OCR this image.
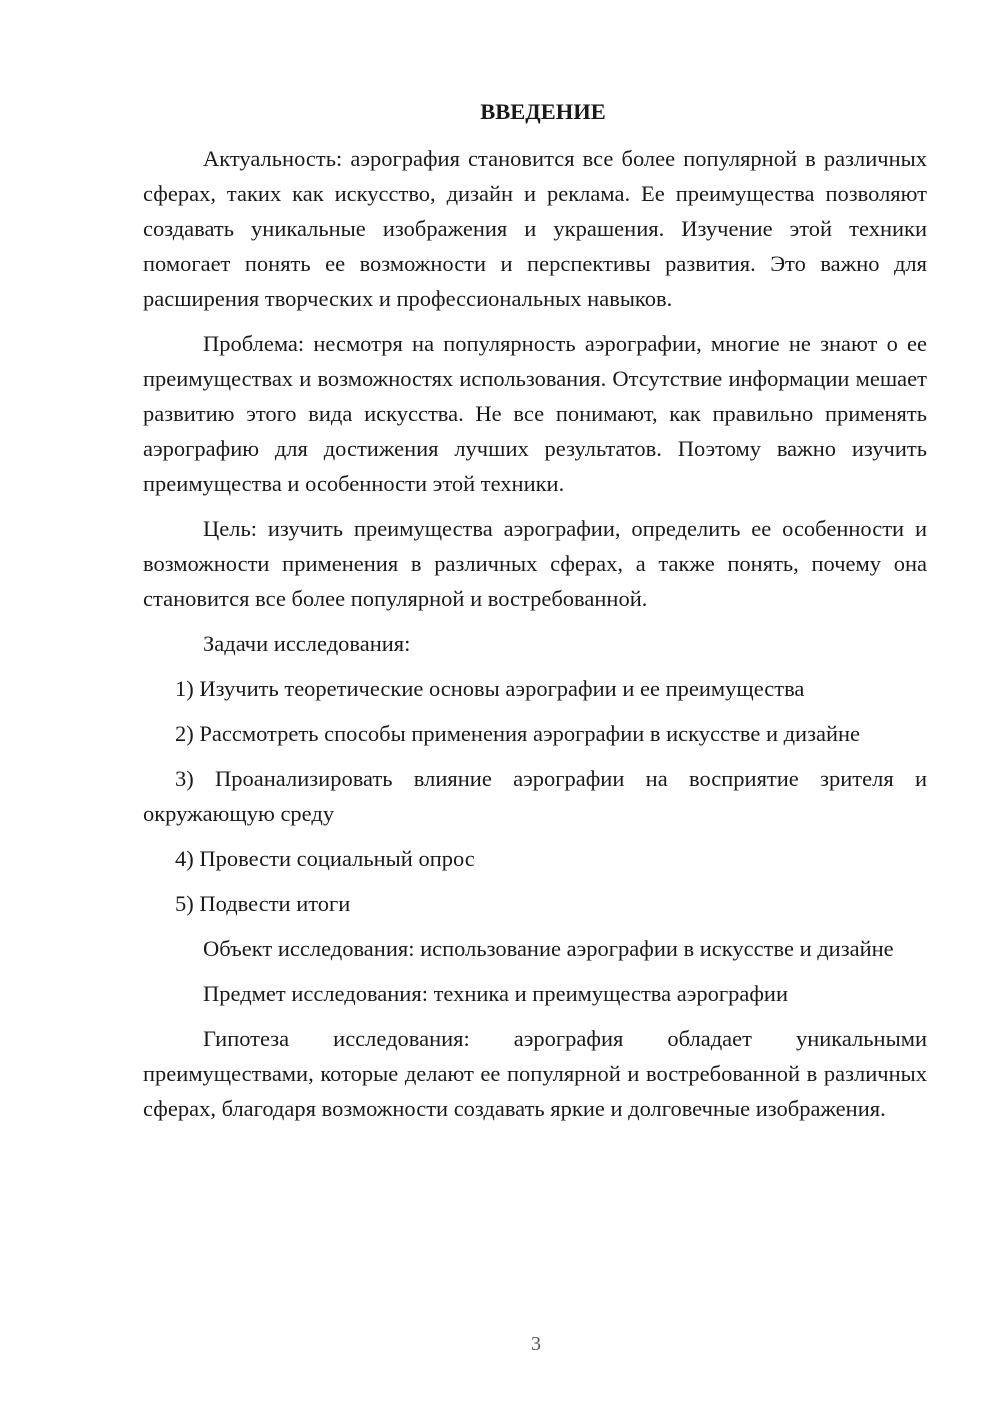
ВВЕДЕНИЕ

Актуальность: аэрография становится все более популярной в различных сферах, таких как искусство, дизайн и реклама. Ее преимущества позволяют создавать уникальные изображения и украшения. Изучение этой техники помогает понять ее возможности и перспективы развития. Это важно для расширения творческих и профессиональных навыков.

Проблема: несмотря на популярность аэрографии, многие не знают о ее преимуществах и возможностях использования. Отсутствие информации мешает развитию этого вида искусства. Не все понимают, как правильно применять аэрографию для достижения лучших результатов. Поэтому важно изучить преимущества и особенности этой техники.

Цель: изучить преимущества аэрографии, определить ее особенности и возможности применения в различных сферах, а также понять, почему она становится все более популярной и востребованной.

Задачи исследования:

1) Изучить теоретические основы аэрографии и ее преимущества

2) Рассмотреть способы применения аэрографии в искусстве и дизайне

3) Проанализировать влияние аэрографии на восприятие зрителя и окружающую среду

4) Провести социальный опрос

5) Подвести итоги

Объект исследования: использование аэрографии в искусстве и дизайне

Предмет исследования: техника и преимущества аэрографии

Гипотеза исследования: аэрография обладает уникальными преимуществами, которые делают ее популярной и востребованной в различных сферах, благодаря возможности создавать яркие и долговечные изображения.

3
